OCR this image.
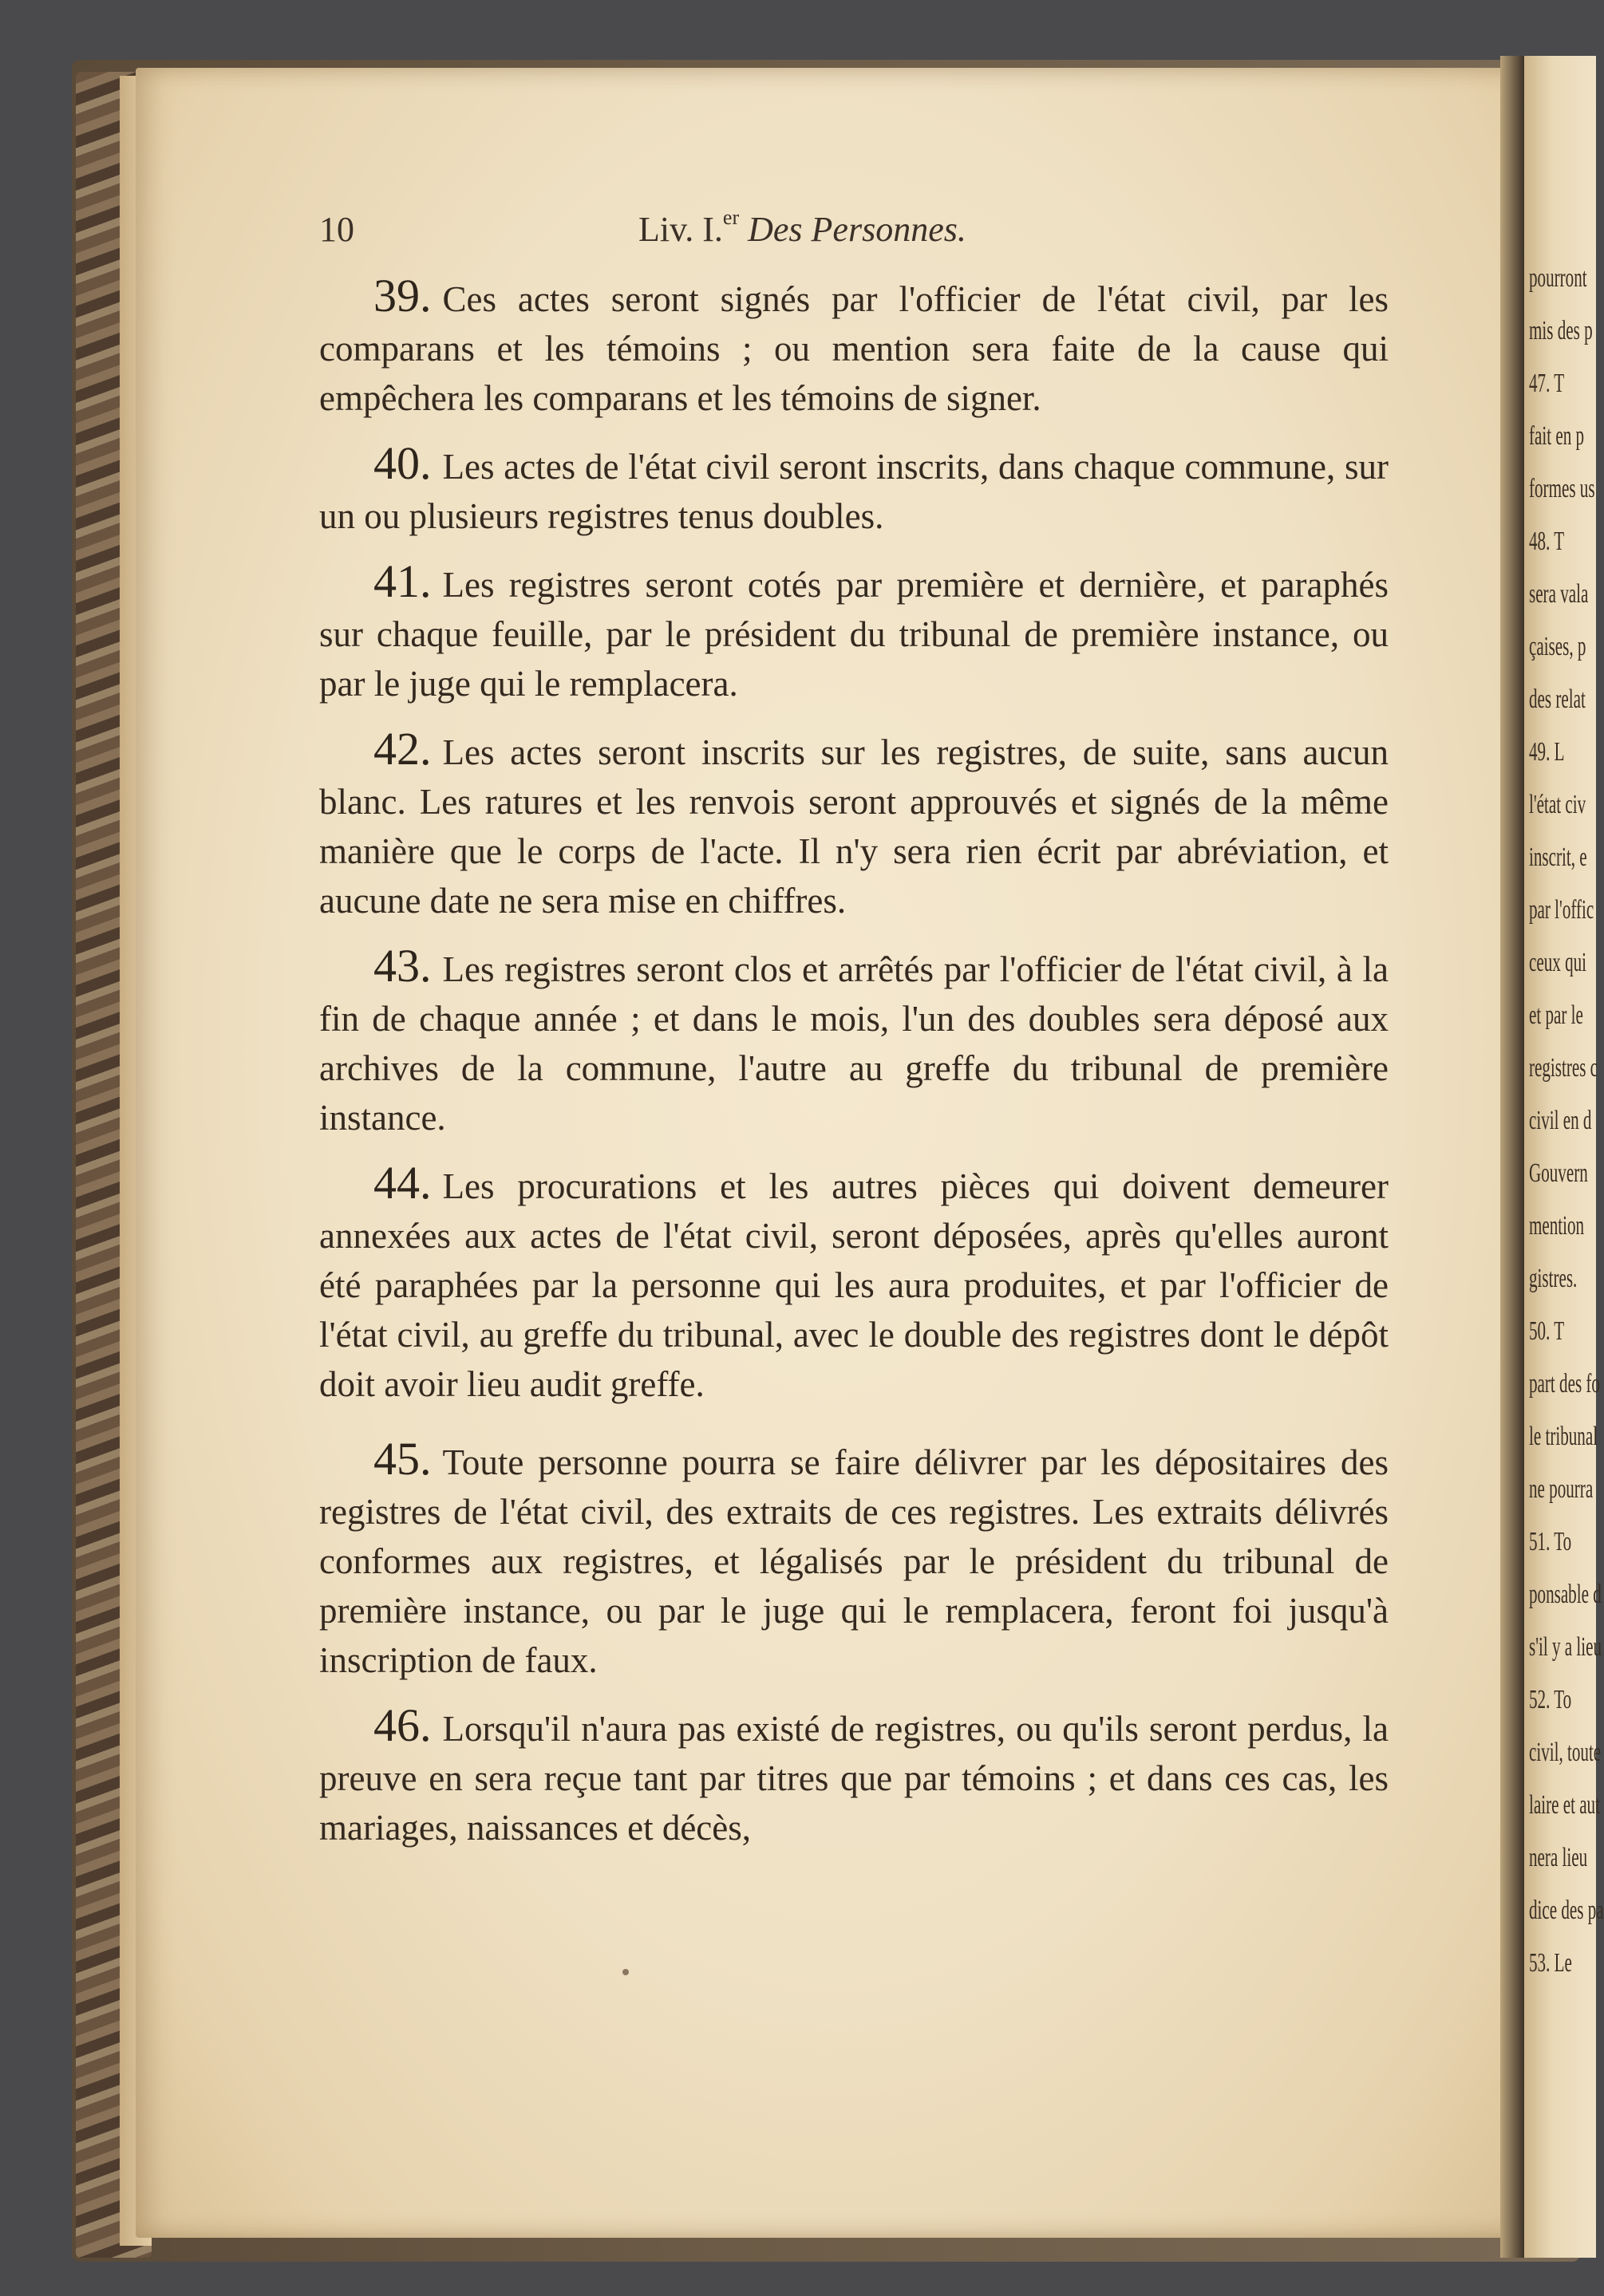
10	Liv. I.$^{er}$ Des Personnes.

39. Ces actes seront signés par l'officier de l'état civil, par les comparans et les témoins ; ou mention sera faite de la cause qui empêchera les comparans et les témoins de signer.

40. Les actes de l'état civil seront inscrits, dans chaque commune, sur un ou plusieurs registres tenus doubles.

41. Les registres seront cotés par première et dernière, et paraphés sur chaque feuille, par le président du tribunal de première instance, ou par le juge qui le remplacera.

42. Les actes seront inscrits sur les registres, de suite, sans aucun blanc. Les ratures et les renvois seront approuvés et signés de la même manière que le corps de l'acte. Il n'y sera rien écrit par abréviation, et aucune date ne sera mise en chiffres.

43. Les registres seront clos et arrêtés par l'officier de l'état civil, à la fin de chaque année ; et dans le mois, l'un des doubles sera déposé aux archives de la commune, l'autre au greffe du tribunal de première instance.

44. Les procurations et les autres pièces qui doivent demeurer annexées aux actes de l'état civil, seront déposées, après qu'elles auront été paraphées par la personne qui les aura produites, et par l'officier de l'état civil, au greffe du tribunal, avec le double des registres dont le dépôt doit avoir lieu audit greffe.

45. Toute personne pourra se faire délivrer par les dépositaires des registres de l'état civil, des extraits de ces registres. Les extraits délivrés conformes aux registres, et légalisés par le président du tribunal de première instance, ou par le juge qui le remplacera, feront foi jusqu'à inscription de faux.

46. Lorsqu'il n'aura pas existé de registres, ou qu'ils seront perdus, la preuve en sera reçue tant par titres que par témoins ; et dans ces cas, les mariages, naissances et décès,

pourront
mis des p
47. T
fait en p
formes us
48. T
sera vala
çaises, p
des relat
49. L
l'état civ
inscrit, e
par l'offic
ceux qui
et par le
registres c
civil en d
Gouvern
mention
gistres.
50. T
part des fo
le tribunal
ne pourra
51. To
ponsable d
s'il y a lieu
52. To
civil, toute
laire et aut
nera lieu
dice des pa
53. Le
